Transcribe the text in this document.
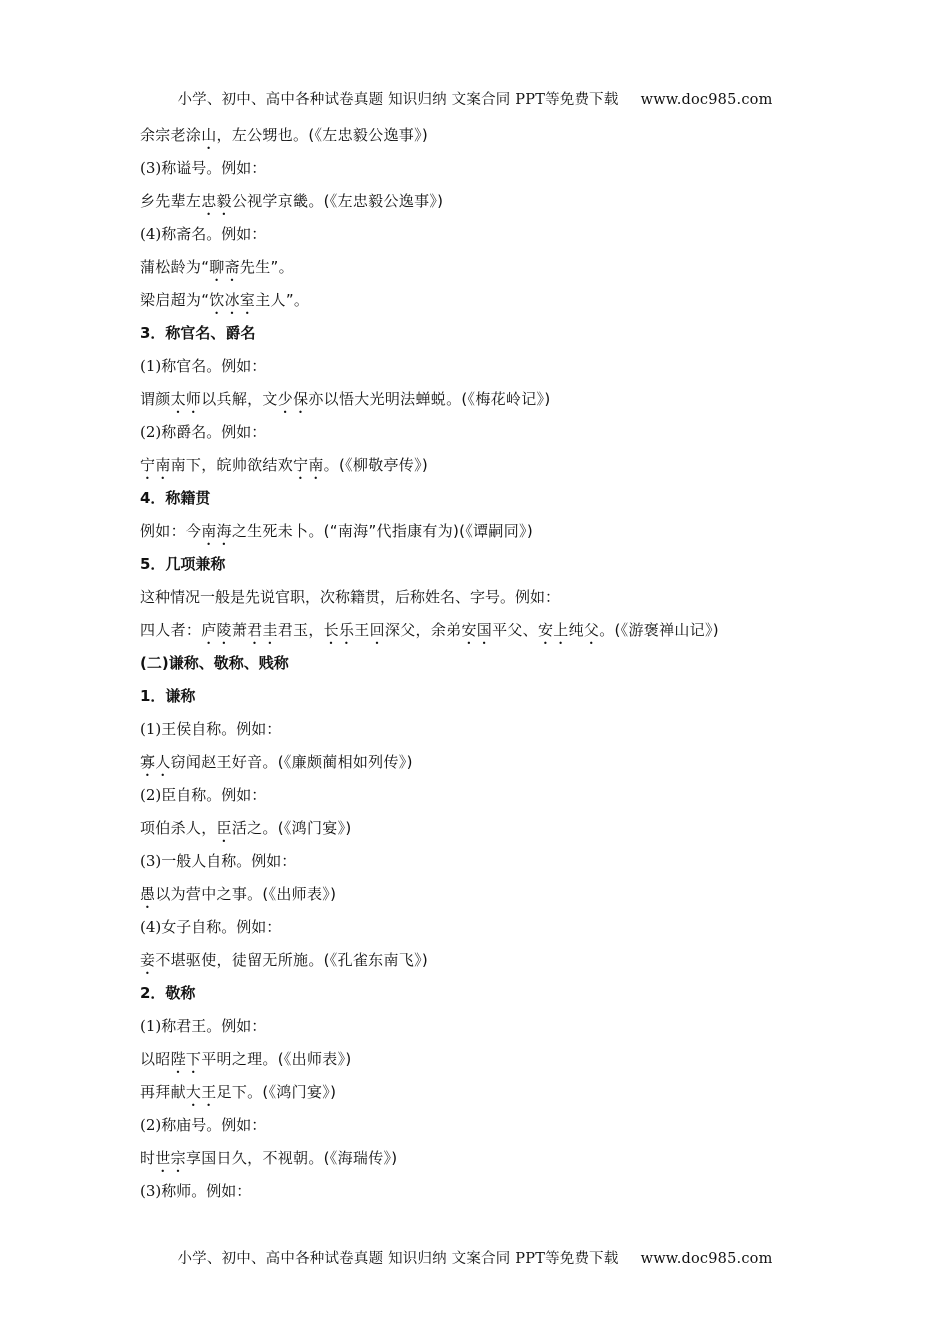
小学、初中、高中各种试卷真题 知识归纳 文案合同 PPT等免费下载 www.doc985.com
余宗老涂山，左公甥也。(《左忠毅公逸事》)
(3)称谥号。例如：
乡先辈左忠毅公视学京畿。(《左忠毅公逸事》)
(4)称斋名。例如：
蒲松龄为“聊斋先生”。
梁启超为“饮冰室主人”。
3．称官名、爵名
(1)称官名。例如：
谓颜太师以兵解，文少保亦以悟大光明法蝉蜕。(《梅花岭记》)
(2)称爵名。例如：
宁南南下，皖帅欲结欢宁南。(《柳敬亭传》)
4．称籍贯
例如：今南海之生死未卜。(“南海”代指康有为)(《谭嗣同》)
5．几项兼称
这种情况一般是先说官职，次称籍贯，后称姓名、字号。例如：
四人者：庐陵萧君圭君玉，长乐王回深父，余弟安国平父、安上纯父。(《游褒禅山记》)
(二)谦称、敬称、贱称
1．谦称
(1)王侯自称。例如：
寡人窃闻赵王好音。(《廉颇蔺相如列传》)
(2)臣自称。例如：
项伯杀人，臣活之。(《鸿门宴》)
(3)一般人自称。例如：
愚以为营中之事。(《出师表》)
(4)女子自称。例如：
妾不堪驱使，徒留无所施。(《孔雀东南飞》)
2．敬称
(1)称君王。例如：
以昭陛下平明之理。(《出师表》)
再拜献大王足下。(《鸿门宴》)
(2)称庙号。例如：
时世宗享国日久，不视朝。(《海瑞传》)
(3)称师。例如：
小学、初中、高中各种试卷真题 知识归纳 文案合同 PPT等免费下载 www.doc985.com
